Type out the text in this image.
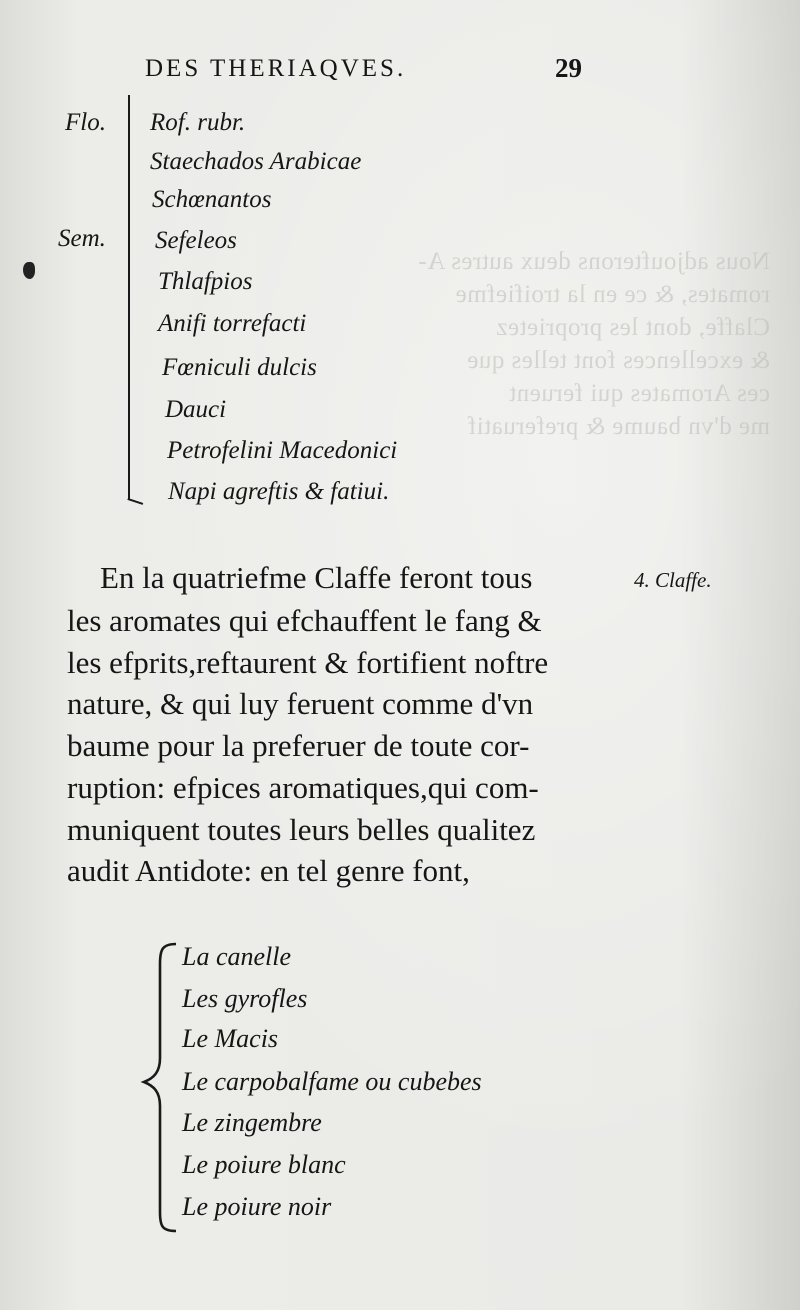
Nous adjoufterons deux autres A-
romates, & ce en la troifiefme
Claffe, dont les proprietez
& excellences font telles que
ces Aromates qui feruent
me d'vn baume & preferuatif
DES THERIAQVES.	29
Flo.
Sem.
Rof. rubr.
Staechados Arabicae
Schœnantos
Sefeleos
Thlafpios
Anifi torrefacti
Fœniculi dulcis
Dauci
Petrofelini Macedonici
Napi agreftis & fatiui.
En la quatriefme Claffe feront tous
les aromates qui efchauffent le fang &
les efprits,reftaurent & fortifient noftre
nature, & qui luy feruent comme d'vn
baume pour la preferuer de toute cor-
ruption: efpices aromatiques,qui com-
muniquent toutes leurs belles qualitez
audit Antidote: en tel genre font,
4. Claffe.
La canelle
Les gyrofles
Le Macis
Le carpobalfame ou cubebes
Le zingembre
Le poiure blanc
Le poiure noir
